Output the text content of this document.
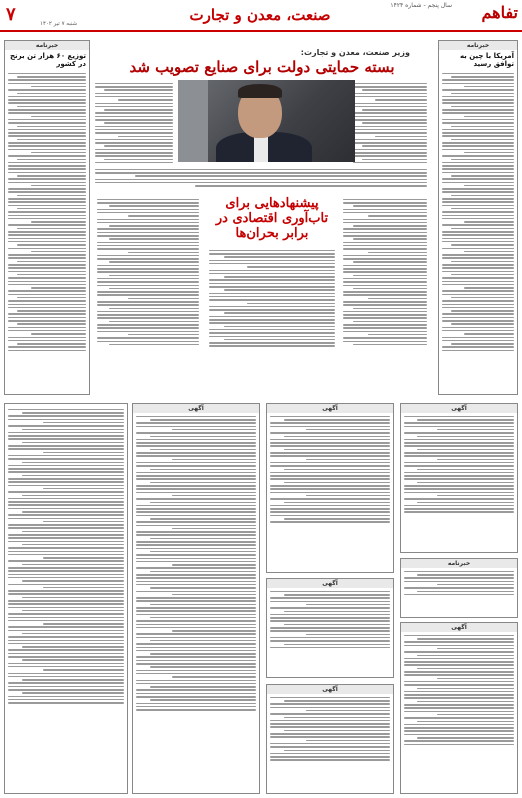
تفاهم
سال پنجم - شماره ۱۴۲۴
صنعت، معدن و تجارت
شنبه ۷ تیر ۱۴۰۲
۷
خبرنامه
آمریکا با چین به توافق رسید
خبرنامه
توزیع ۶۰ هزار تن برنج در کشور
وزیر صنعت، معدن و تجارت:
بسته حمایتی دولت برای صنایع تصویب شد
پیشنهادهایی برای تاب‌آوری اقتصادی در برابر بحران‌ها
آگهی
خبرنامه
آگهی
آگهی
آگهی
آگهی
آگهی
